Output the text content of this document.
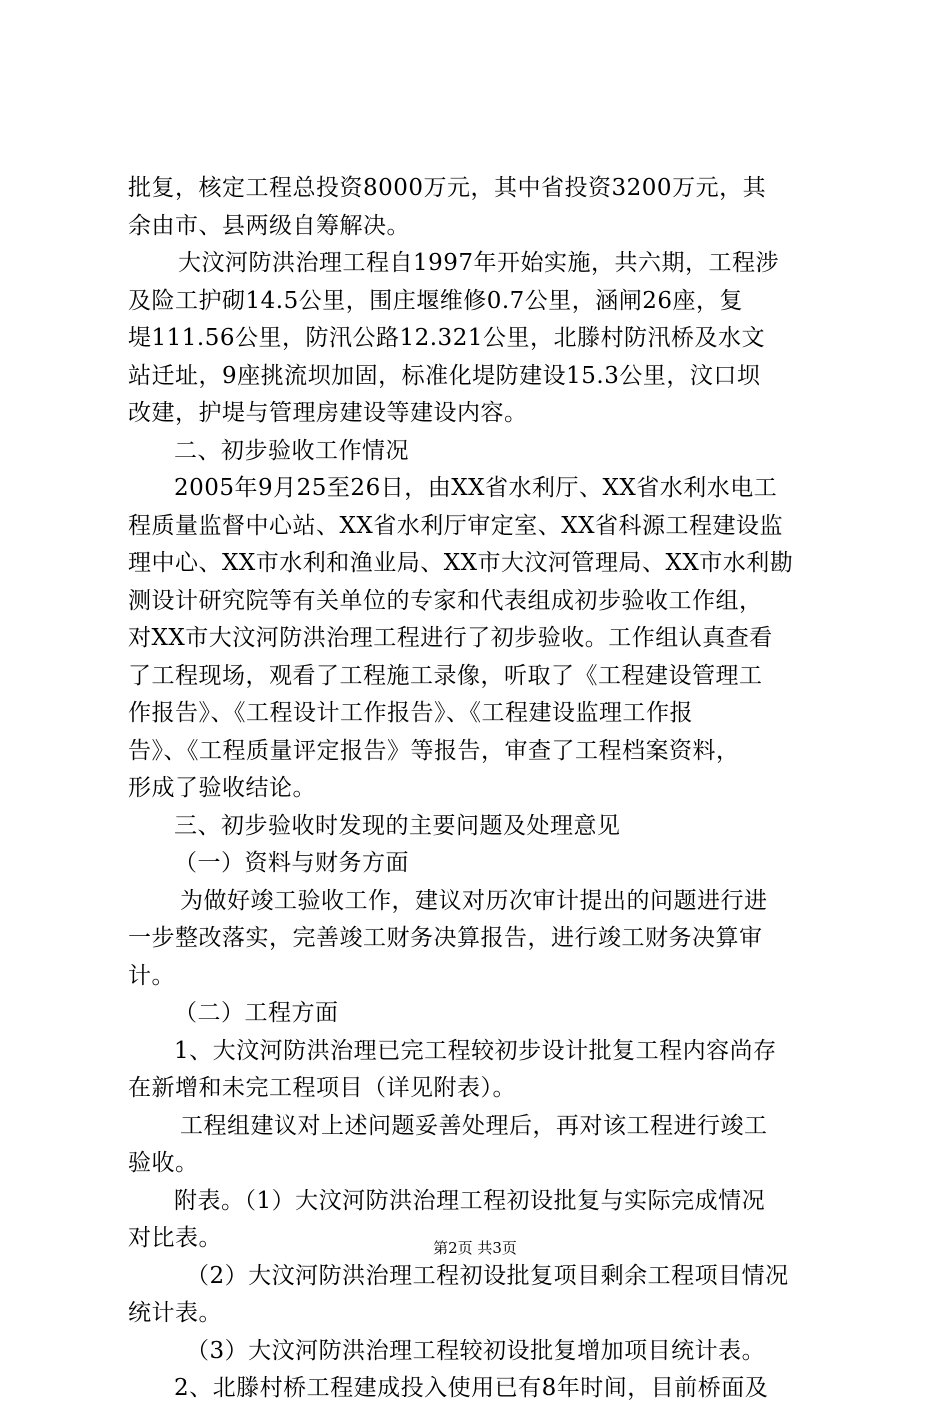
批复，核定工程总投资8000万元，其中省投资3200万元，其
余由市、县两级自筹解决。
大汶河防洪治理工程自1997年开始实施，共六期，工程涉
及险工护砌14.5公里，围庄堰维修0.7公里，涵闸26座，复
堤111.56公里，防汛公路12.321公里，北滕村防汛桥及水文
站迁址，9座挑流坝加固，标准化堤防建设15.3公里，汶口坝
改建，护堤与管理房建设等建设内容。
二、初步验收工作情况
2005年9月25至26日，由XX省水利厅、XX省水利水电工
程质量监督中心站、XX省水利厅审定室、XX省科源工程建设监
理中心、XX市水利和渔业局、XX市大汶河管理局、XX市水利勘
测设计研究院等有关单位的专家和代表组成初步验收工作组，
对XX市大汶河防洪治理工程进行了初步验收。工作组认真查看
了工程现场，观看了工程施工录像，听取了《工程建设管理工
作报告》、《工程设计工作报告》、《工程建设监理工作报
告》、《工程质量评定报告》等报告，审查了工程档案资料，
形成了验收结论。
三、初步验收时发现的主要问题及处理意见
（一）资料与财务方面
为做好竣工验收工作，建议对历次审计提出的问题进行进
一步整改落实，完善竣工财务决算报告，进行竣工财务决算审
计。
（二）工程方面
1、大汶河防洪治理已完工程较初步设计批复工程内容尚存
在新增和未完工程项目（详见附表）。
工程组建议对上述问题妥善处理后，再对该工程进行竣工
验收。
附表。（1）大汶河防洪治理工程初设批复与实际完成情况
对比表。
（2）大汶河防洪治理工程初设批复项目剩余工程项目情况
统计表。
（3）大汶河防洪治理工程较初设批复增加项目统计表。
2、北滕村桥工程建成投入使用已有8年时间，目前桥面及
第2页 共3页
